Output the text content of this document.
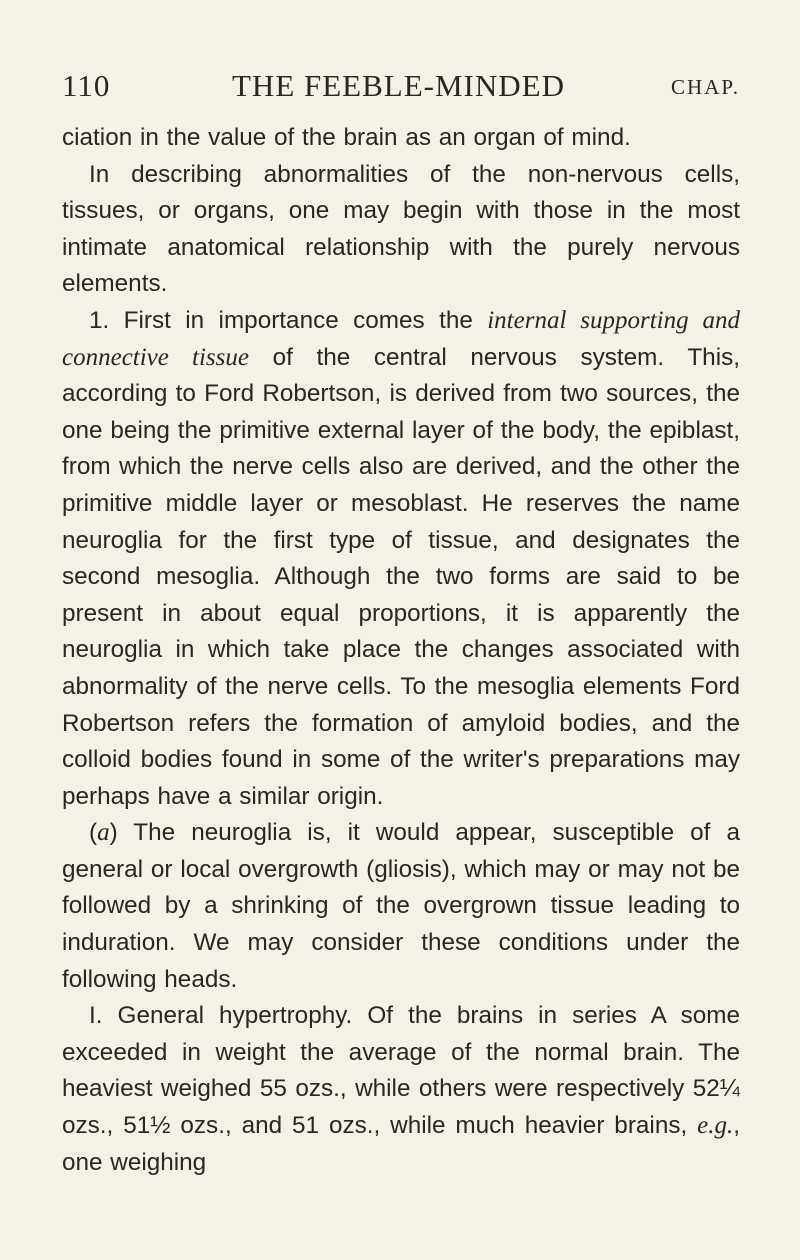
110	THE FEEBLE-MINDED	CHAP.

ciation in the value of the brain as an organ of mind.

In describing abnormalities of the non-nervous cells, tissues, or organs, one may begin with those in the most intimate anatomical relationship with the purely nervous elements.

1. First in importance comes the internal supporting and connective tissue of the central nervous system. This, according to Ford Robertson, is derived from two sources, the one being the primitive external layer of the body, the epiblast, from which the nerve cells also are derived, and the other the primitive middle layer or mesoblast. He reserves the name neuroglia for the first type of tissue, and designates the second mesoglia. Although the two forms are said to be present in about equal proportions, it is apparently the neuroglia in which take place the changes associated with abnormality of the nerve cells. To the mesoglia elements Ford Robertson refers the formation of amyloid bodies, and the colloid bodies found in some of the writer's preparations may perhaps have a similar origin.

(a) The neuroglia is, it would appear, susceptible of a general or local overgrowth (gliosis), which may or may not be followed by a shrinking of the overgrown tissue leading to induration. We may consider these conditions under the following heads.

I. General hypertrophy. Of the brains in series A some exceeded in weight the average of the normal brain. The heaviest weighed 55 ozs., while others were respectively 52¼ ozs., 51½ ozs., and 51 ozs., while much heavier brains, e.g., one weighing
